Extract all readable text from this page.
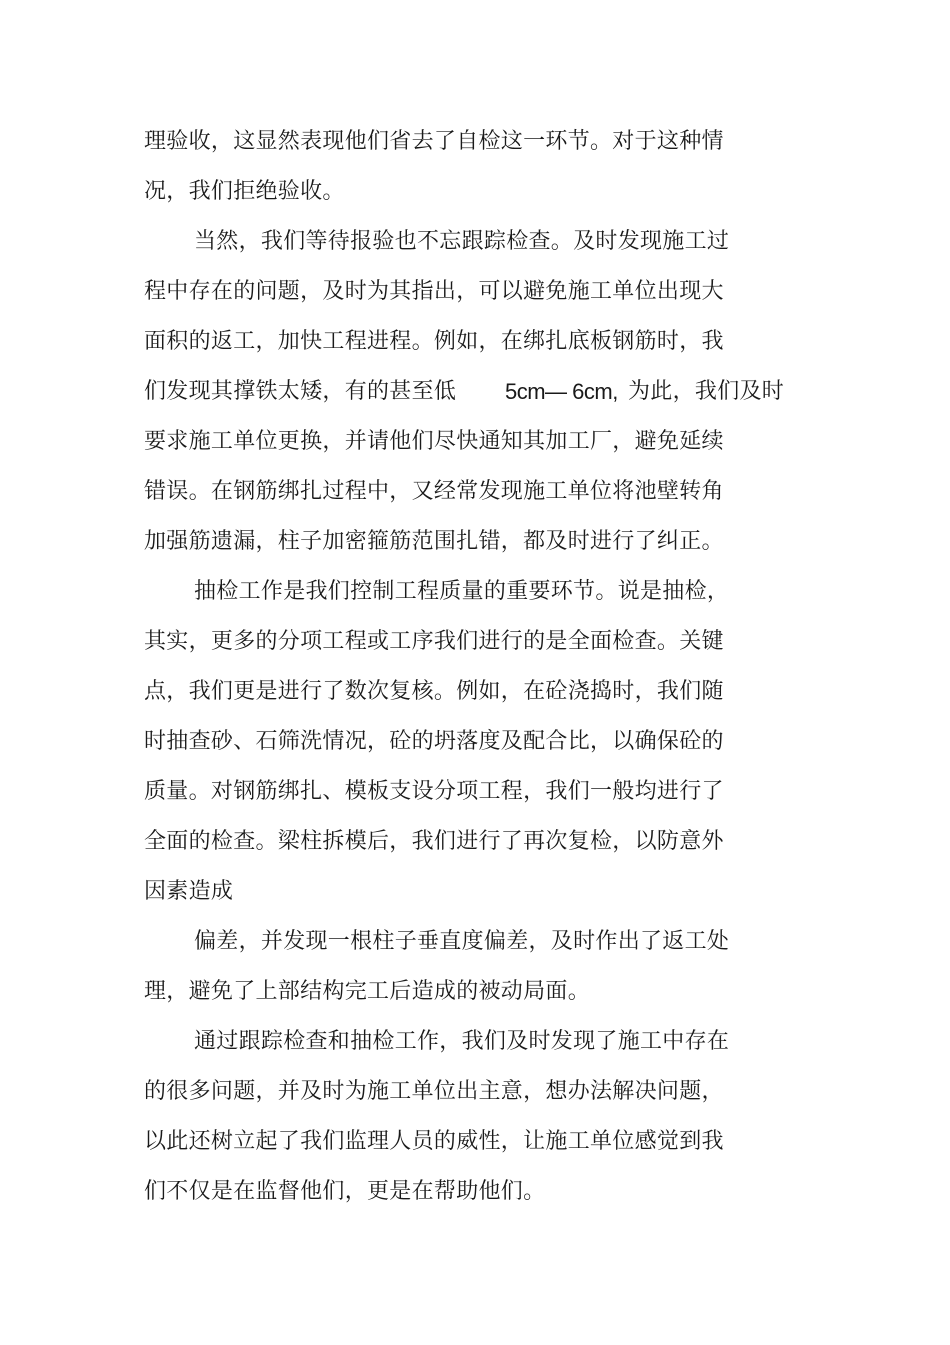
理验收，这显然表现他们省去了自检这一环节。对于这种情
况，我们拒绝验收。
当然，我们等待报验也不忘跟踪检查。及时发现施工过
程中存在的问题，及时为其指出，可以避免施工单位出现大
面积的返工，加快工程进程。例如，在绑扎底板钢筋时，我
们发现其撑铁太矮，有的甚至低 5cm— 6cm, 为此，我们及时
要求施工单位更换，并请他们尽快通知其加工厂，避免延续
错误。在钢筋绑扎过程中，又经常发现施工单位将池壁转角
加强筋遗漏，柱子加密箍筋范围扎错，都及时进行了纠正。
抽检工作是我们控制工程质量的重要环节。说是抽检，
其实，更多的分项工程或工序我们进行的是全面检查。关键
点，我们更是进行了数次复核。例如，在砼浇捣时，我们随
时抽查砂、石筛洗情况，砼的坍落度及配合比，以确保砼的
质量。对钢筋绑扎、模板支设分项工程，我们一般均进行了
全面的检查。梁柱拆模后，我们进行了再次复检，以防意外
因素造成
偏差，并发现一根柱子垂直度偏差，及时作出了返工处
理，避免了上部结构完工后造成的被动局面。
通过跟踪检查和抽检工作，我们及时发现了施工中存在
的很多问题，并及时为施工单位出主意，想办法解决问题，
以此还树立起了我们监理人员的威性，让施工单位感觉到我
们不仅是在监督他们，更是在帮助他们。
